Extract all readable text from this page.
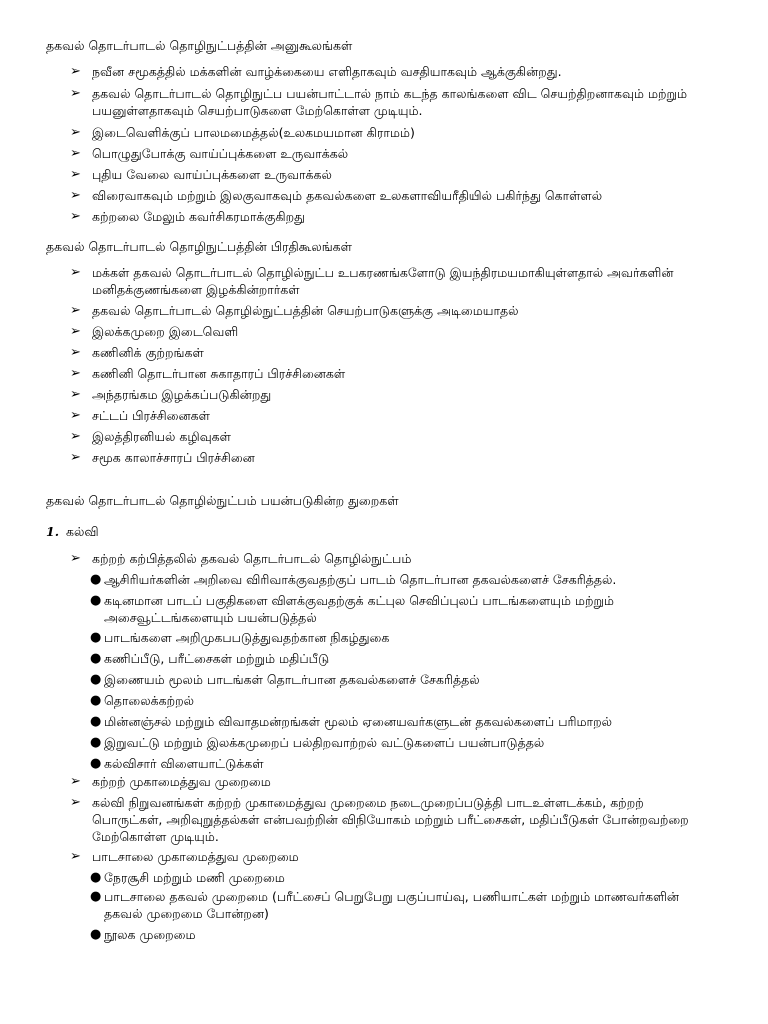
தகவல் தொடர்பாடல் தொழிநுட்பத்தின் அனுகூலங்கள்
➢ நவீன சமூகத்தில் மக்களின் வாழ்க்கையை எளிதாகவும் வசதியாகவும் ஆக்குகின்றது.
➢ தகவல் தொடர்பாடல் தொழிநுட்ப பயன்பாட்டால் நாம் கடந்த காலங்களை விட செயற்திறனாகவும் மற்றும் பயனுள்ளதாகவும் செயற்பாடுகளை மேற்கொள்ள முடியும்.
➢ இடைவெளிக்குப் பாலமமைத்தல்(உலகமயமான கிராமம்)
➢ பொழுதுபோக்கு வாய்ப்புக்களை உருவாக்கல்
➢ புதிய வேலை வாய்ப்புக்களை உருவாக்கல்
➢ விரைவாகவும் மற்றும் இலகுவாகவும் தகவல்களை உலகளாவியரீதியில் பகிர்ந்து கொள்ளல்
➢ கற்றலை மேலும் கவர்சிகரமாக்குகிறது
தகவல் தொடர்பாடல் தொழிநுட்பத்தின் பிரதிகூலங்கள்
➢ மக்கள் தகவல் தொடர்பாடல் தொழில்நுட்ப உபகரணங்களோடு இயந்திரமயமாகியுள்ளதால் அவர்களின் மனிதக்குணங்களை இழக்கின்றார்கள்
➢ தகவல் தொடர்பாடல் தொழில்நுட்பத்தின் செயற்பாடுகளுக்கு அடிமையாதல்
➢ இலக்கமுறை இடைவெளி
➢ கணினிக் குற்றங்கள்
➢ கணினி தொடர்பான சுகாதாரப் பிரச்சினைகள்
➢ அந்தரங்கம இழக்கப்படுகின்றது
➢ சட்டப் பிரச்சினைகள்
➢ இலத்திரனியல் கழிவுகள்
➢ சமூக காலாச்சாரப் பிரச்சினை
தகவல் தொடர்பாடல் தொழில்நுட்பம் பயன்படுகின்ற துறைகள்
1. கல்வி
➢ கற்றற் கற்பித்தலில் தகவல் தொடர்பாடல் தொழில்நுட்பம்
● ஆசிரியர்களின் அறிவை விரிவாக்குவதற்குப் பாடம் தொடர்பான தகவல்களைச் சேகரித்தல்.
● கடினமான பாடப் பகுதிகளை விளக்குவதற்குக் கட்புல செவிப்புலப் பாடங்களையும் மற்றும் அசைவூட்டங்களையும் பயன்படுத்தல்
● பாடங்களை அறிமுகபபடுத்துவதற்கான நிகழ்துகை
● கணிப்பீடு, பரீட்சைகள் மற்றும் மதிப்பீடு
● இணையம் மூலம் பாடங்கள் தொடர்பான தகவல்களைச் சேகரித்தல்
● தொலைக்கற்றல்
● மின்னஞ்சல் மற்றும் விவாதமன்றங்கள் மூலம் ஏனையவர்களுடன் தகவல்களைப் பரிமாறல்
● இறுவட்டு மற்றும் இலக்கமுறைப் பல்திறவாற்றல் வட்டுகளைப் பயன்பாடுத்தல்
● கல்விசார் விளையாட்டுக்கள்
➢ கற்றற் முகாமைத்துவ முறைமை
➢ கல்வி நிறுவனங்கள் கற்றற் முகாமைத்துவ முறைமை நடைமுறைப்படுத்தி பாடஉள்ளடக்கம், கற்றற் பொருட்கள், அறிவுறுத்தல்கள் என்பவற்றின் விநியோகம் மற்றும் பரீட்சைகள், மதிப்பீடுகள் போன்றவற்றை மேற்கொள்ள முடியும்.
➢ பாடசாலை முகாமைத்துவ முறைமை
● நேரசூசி மற்றும் மணி முறைமை
● பாடசாலை தகவல் முறைமை (பரீட்சைப் பெறுபேறு பகுப்பாய்வு, பணியாட்கள் மற்றும் மாணவர்களின் தகவல் முறைமை போன்றன)
● நூலக முறைமை
